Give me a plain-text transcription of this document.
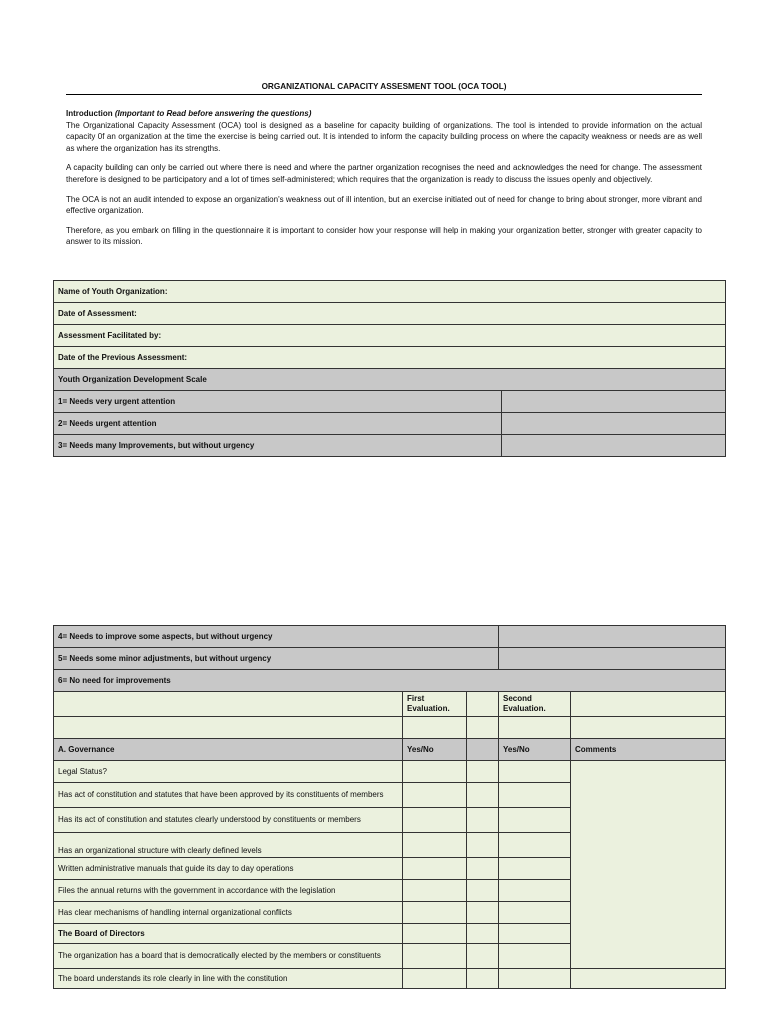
ORGANIZATIONAL CAPACITY ASSESMENT TOOL (OCA TOOL)

Introduction (Important to Read before answering the questions)

The Organizational Capacity Assessment (OCA) tool is designed as a baseline for capacity building of organizations. The tool is intended to provide information on the actual capacity 0f an organization at the time the exercise is being carried out. It is intended to inform the capacity building process on where the capacity weakness or needs are as well as where the organization has its strengths.

A capacity building can only be carried out where there is need and where the partner organization recognises the need and acknowledges the need for change. The assessment therefore is designed to be participatory and a lot of times self-administered; which requires that the organization is ready to discuss the issues openly and objectively.

The OCA is not an audit intended to expose an organization's weakness out of ill intention, but an exercise initiated out of need for change to bring about stronger, more vibrant and effective organization.

Therefore, as you embark on filling in the questionnaire it is important to consider how your response will help in making your organization better, stronger with greater capacity to answer to its mission.

Name of Youth Organization:	
Date of Assessment:	
Assessment Facilitated by:	
Date of the Previous Assessment:	
Youth Organization Development Scale	
1= Needs very urgent attention	
2= Needs urgent attention	
3= Needs many Improvements, but without urgency	
4= Needs to improve some aspects, but without urgency				
5= Needs some minor adjustments, but without urgency				
6= No need for improvements				
	First Evaluation.		Second Evaluation.	

A. Governance	Yes/No		Yes/No	Comments
Legal Status?				
Has act of constitution and statutes that have been approved by its constituents of members				
Has its act of constitution and statutes clearly understood by constituents or members				
Has an organizational structure with clearly defined levels				
Written administrative manuals that guide its day to day operations				
Files the annual returns with the government in accordance with the legislation				
Has clear mechanisms of handling internal organizational conflicts				
The Board of Directors				
The organization has a board that is democratically elected by the members or constituents				
The board understands its role clearly in line with the constitution				
